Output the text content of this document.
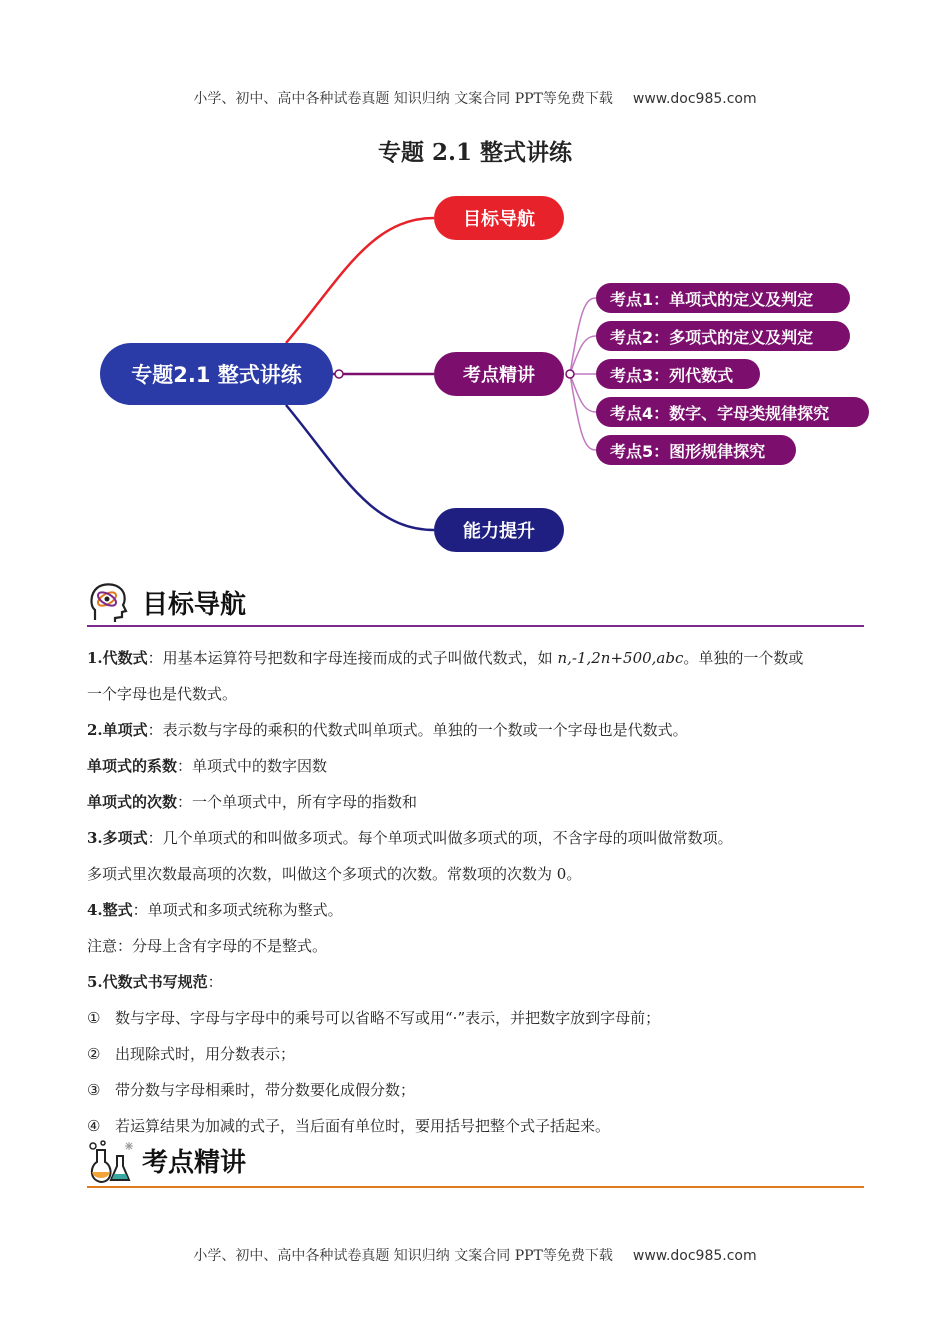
小学、初中、高中各种试卷真题 知识归纳 文案合同 PPT等免费下载 www.doc985.com
专题 2.1 整式讲练
专题2.1 整式讲练
目标导航
考点精讲
能力提升
考点1：单项式的定义及判定
考点2：多项式的定义及判定
考点3：列代数式
考点4：数字、字母类规律探究
考点5：图形规律探究
目标导航

1.代数式：用基本运算符号把数和字母连接而成的式子叫做代数式，如 n,-1,2n+500,abc。单独的一个数或

一个字母也是代数式。

2.单项式：表示数与字母的乘积的代数式叫单项式。单独的一个数或一个字母也是代数式。

单项式的系数：单项式中的数字因数

单项式的次数：一个单项式中，所有字母的指数和

3.多项式：几个单项式的和叫做多项式。每个单项式叫做多项式的项，不含字母的项叫做常数项。

多项式里次数最高项的次数，叫做这个多项式的次数。常数项的次数为 0。

4.整式：单项式和多项式统称为整式。

注意：分母上含有字母的不是整式。

5.代数式书写规范：

① 数与字母、字母与字母中的乘号可以省略不写或用“·”表示，并把数字放到字母前；

② 出现除式时，用分数表示；

③ 带分数与字母相乘时，带分数要化成假分数；

④ 若运算结果为加减的式子，当后面有单位时，要用括号把整个式子括起来。

考点精讲
小学、初中、高中各种试卷真题 知识归纳 文案合同 PPT等免费下载 www.doc985.com
